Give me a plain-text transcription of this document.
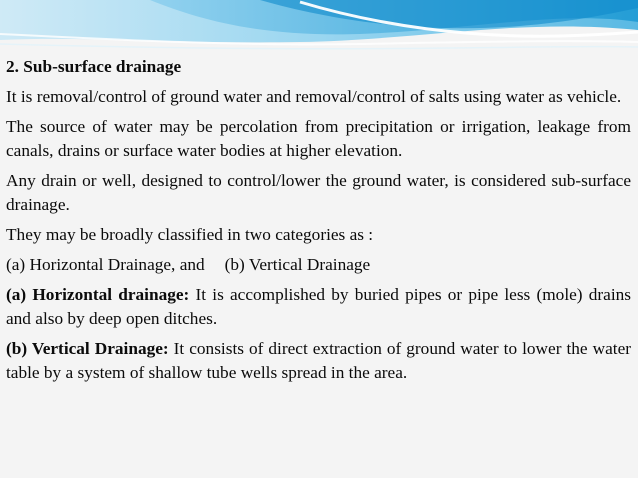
2. Sub-surface drainage

It is removal/control of ground water and removal/control of salts using water as vehicle.

The source of water may be percolation from precipitation or irrigation, leakage from canals, drains or surface water bodies at higher elevation.

Any drain or well, designed to control/lower the ground water, is considered sub-surface drainage.

They may be broadly classified in two categories as :

(a) Horizontal Drainage, and (b) Vertical Drainage

(a) Horizontal drainage: It is accomplished by buried pipes or pipe less (mole) drains and also by deep open ditches.

(b) Vertical Drainage: It consists of direct extraction of ground water to lower the water table by a system of shallow tube wells spread in the area.
